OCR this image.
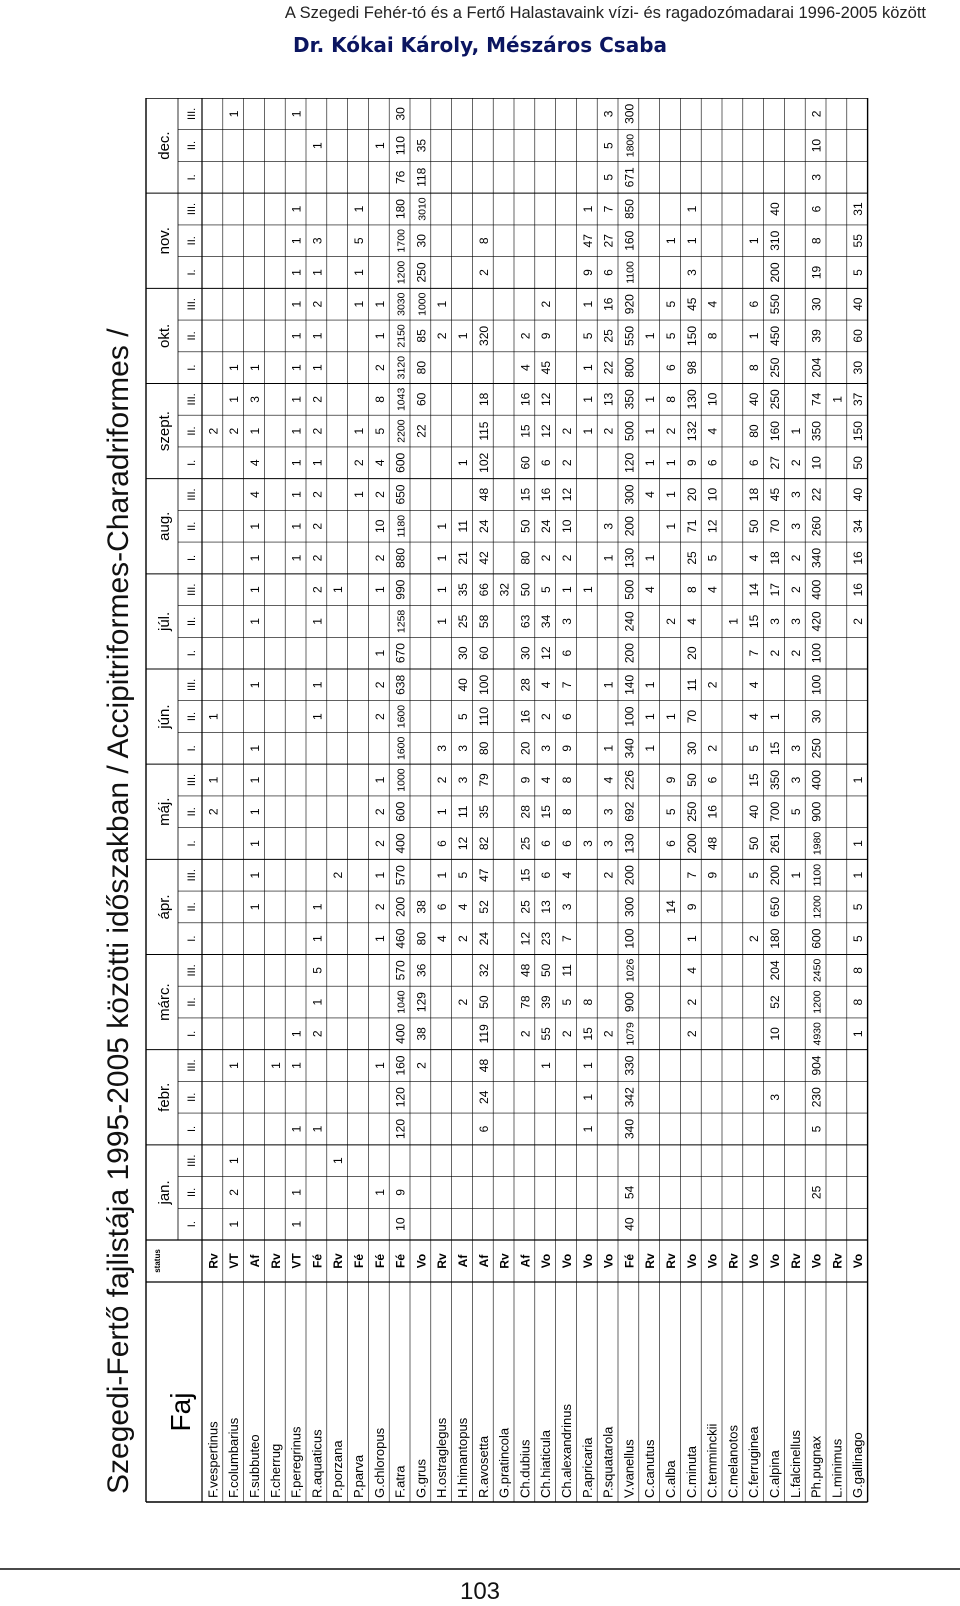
A Szegedi Fehér-tó és a Fertő Halastavaink vízi- és ragadozómadarai 1996-2005 között
Dr. Kókai Károly, Mészáros Csaba
Szegedi-Fertő fajlistája 1995-2005 közötti időszakban / Accipitriformes-Charadriformes / Faj
status
jan.
febr.
márc.
ápr.
máj.
jún.
júl.
aug.
szept.
okt.
nov.
dec.
I.
II.
III.
I.
II.
III.
I.
II.
III.
I.
II.
III.
I.
II.
III.
I.
II.
III.
I.
II.
III.
I.
II.
III.
I.
II.
III.
I.
II.
III.
I.
II.
III.
I.
II.
III.
F.vespertinus
Rv
2
1
1
2
F.columbarius
VT
1
2
1
1
2
1
1
1
F.subbuteo
Af
1
1
1
1
1
1
1
1
1
1
1
4
4
1
3
1
F.cherrug
Rv
1
F.peregrinus
VT
1
1
1
1
1
1
1
1
1
1
1
1
1
1
1
1
1
1
R.aquaticus
Fé
1
2
1
5
1
1
1
1
1
2
2
2
2
1
2
2
1
1
2
1
3
1
P.porzana
Rv
1
2
1
P.parva
Fé
1
2
1
1
1
5
1
G.chloropus
Fé
1
1
1
2
1
2
2
1
2
2
1
1
2
10
2
4
5
8
2
1
1
1
F.atra
Fé
10
9
120
120
160
400
1040
570
460
200
570
400
600
1000
1600
1600
638
670
1258
990
880
1180
650
600
2200
1043
3120
2150
3030
1200
1700
180
76
110
30
G.grus
Vo
2
38
129
36
80
38
22
60
80
85
1000
250
30
3010
118
35
H.ostraglegus
Rv
4
6
1
6
1
2
3
1
1
1
1
2
1
H.himantopus
Af
2
2
4
5
12
11
3
3
5
40
30
25
35
21
11
1
1
R.avosetta
Af
6
24
48
119
50
32
24
52
47
82
35
79
80
110
100
60
58
66
42
24
48
102
115
18
320
2
8
G.pratincola
Rv
32
Ch.dubius
Af
2
78
48
12
25
15
25
28
9
20
16
28
30
63
50
80
50
15
60
15
16
4
2
Ch.hiaticula
Vo
1
55
39
50
23
13
6
6
15
4
3
2
4
12
34
5
2
24
16
6
12
12
45
9
2
Ch.alexandrinus
Vo
2
5
11
7
3
4
6
8
8
9
6
7
6
3
1
2
10
12
2
2
P.apricaria
Vo
1
1
1
15
8
3
1
1
1
1
5
1
9
47
1
P.squatarola
Vo
2
2
3
3
4
1
1
1
3
2
13
22
25
16
6
27
7
5
5
3
V.vanellus
Fé
40
54
340
342
330
1079
900
1026
100
300
200
130
692
226
340
100
140
200
240
500
130
200
300
120
500
350
800
550
920
1100
160
850
671
1800
300
C.canutus
Rv
1
1
1
4
1
4
1
1
1
1
C.alba
Rv
14
6
5
9
1
2
1
1
1
2
8
6
5
5
1
C.minuta
Vo
2
2
4
1
9
7
200
250
50
30
70
11
20
4
8
25
71
20
9
132
130
98
150
45
3
1
1
C.temminckii
Vo
9
48
16
6
2
2
4
5
12
10
6
4
10
8
4
C.melanotos
Rv
1
C.ferruginea
Vo
2
5
50
40
15
5
4
4
7
15
14
4
50
18
6
80
40
8
1
6
1
C.alpina
Vo
3
10
52
204
180
650
200
261
700
350
15
1
2
3
17
18
70
45
27
160
250
250
450
550
200
310
40
L.falcinellus
Rv
1
5
3
3
2
3
2
2
3
3
2
1
Ph.pugnax
Vo
25
5
230
904
4930
1200
2450
600
1200
1100
1980
900
400
250
30
100
100
420
400
340
260
22
10
350
74
204
39
30
19
8
6
3
10
2
L.minimus
Rv
1
G.gallinago
Vo
1
8
8
5
5
1
1
1
2
16
16
34
40
50
150
37
30
60
40
5
55
31
103
